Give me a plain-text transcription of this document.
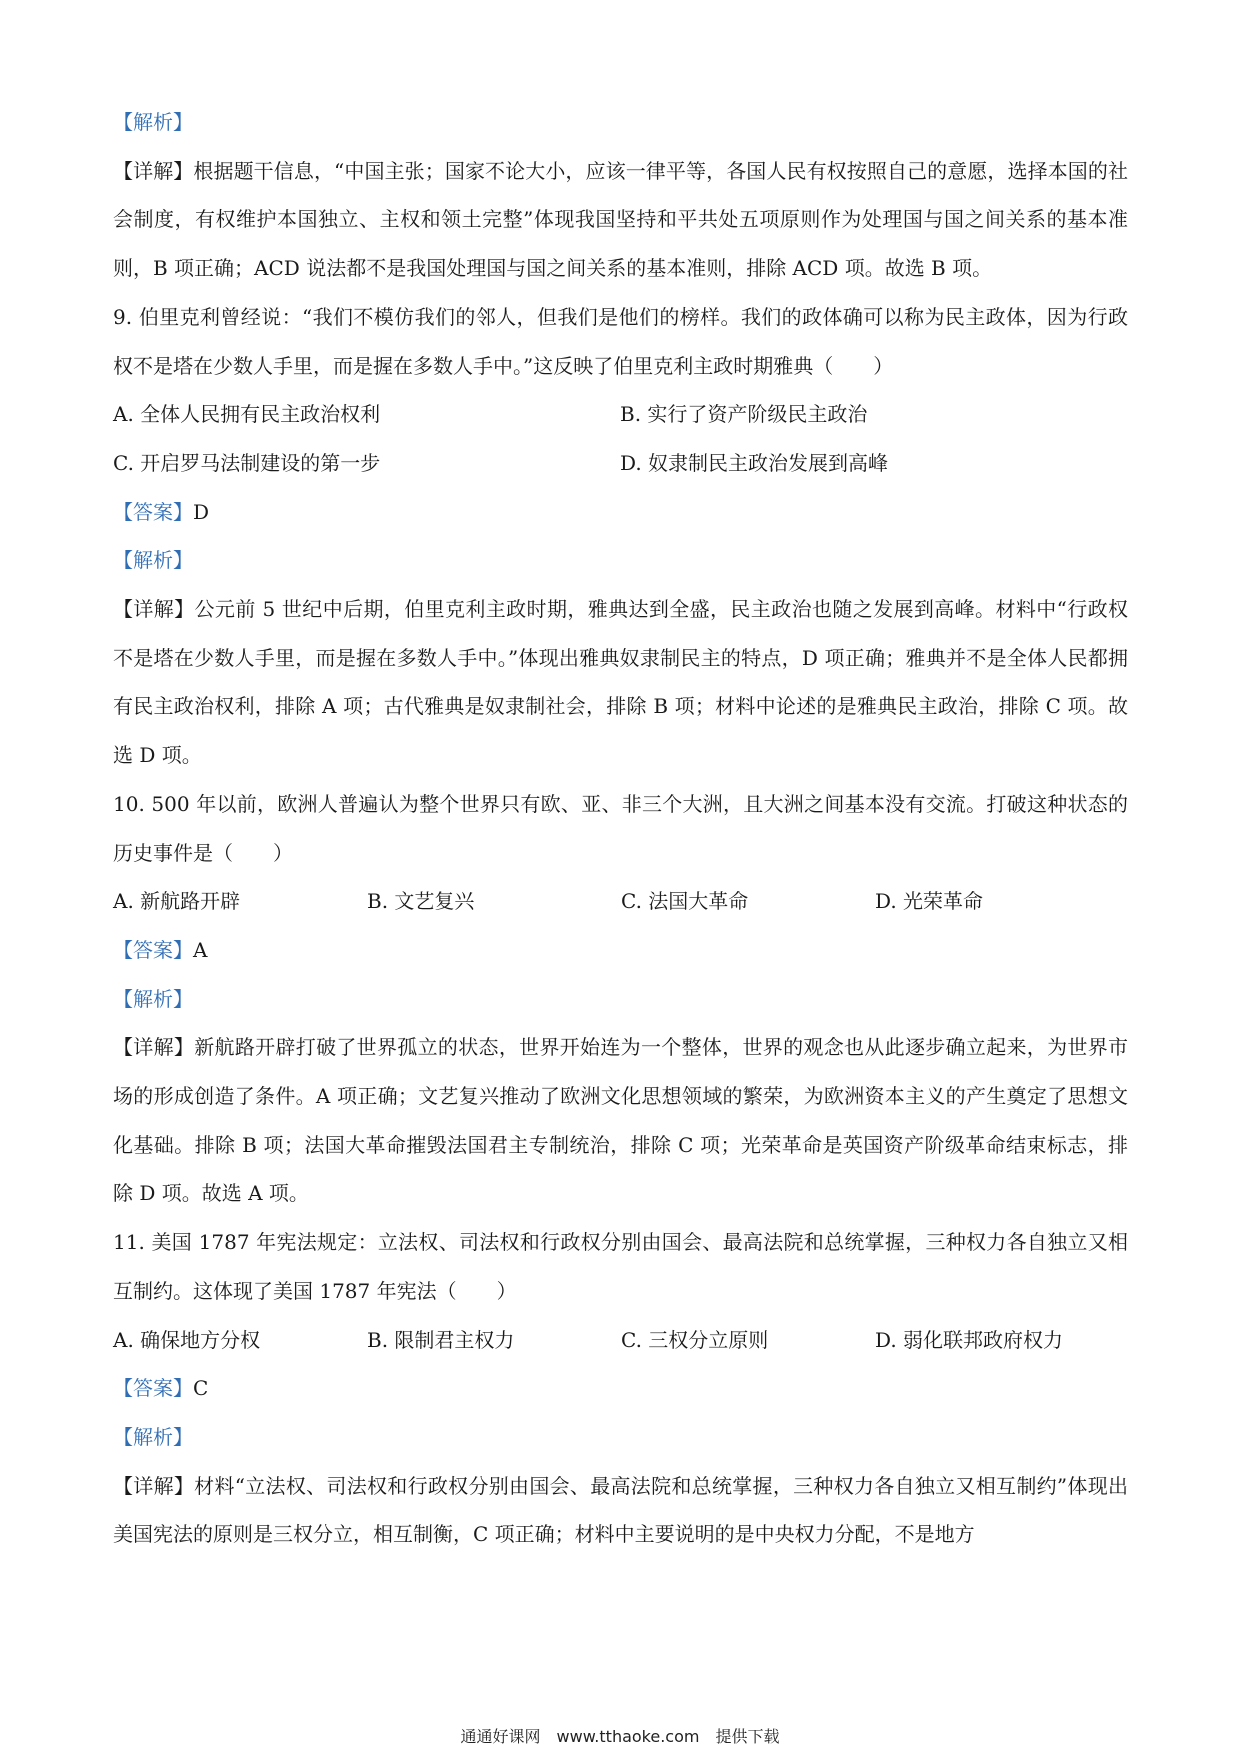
【解析】
【详解】根据题干信息，“中国主张；国家不论大小，应该一律平等，各国人民有权按照自己的意愿，选择本国的社会制度，有权维护本国独立、主权和领土完整”体现我国坚持和平共处五项原则作为处理国与国之间关系的基本准则，B 项正确；ACD 说法都不是我国处理国与国之间关系的基本准则，排除 ACD 项。故选 B 项。
9. 伯里克利曾经说：“我们不模仿我们的邻人，但我们是他们的榜样。我们的政体确可以称为民主政体，因为行政权不是塔在少数人手里，而是握在多数人手中。”这反映了伯里克利主政时期雅典（　　）
A. 全体人民拥有民主政治权利	B. 实行了资产阶级民主政治
C. 开启罗马法制建设的第一步	D. 奴隶制民主政治发展到高峰
【答案】D
【解析】
【详解】公元前 5 世纪中后期，伯里克利主政时期，雅典达到全盛，民主政治也随之发展到高峰。材料中“行政权不是塔在少数人手里，而是握在多数人手中。”体现出雅典奴隶制民主的特点，D 项正确；雅典并不是全体人民都拥有民主政治权利，排除 A 项；古代雅典是奴隶制社会，排除 B 项；材料中论述的是雅典民主政治，排除 C 项。故选 D 项。
10. 500 年以前，欧洲人普遍认为整个世界只有欧、亚、非三个大洲，且大洲之间基本没有交流。打破这种状态的历史事件是（　　）
A. 新航路开辟	B. 文艺复兴	C. 法国大革命	D. 光荣革命
【答案】A
【解析】
【详解】新航路开辟打破了世界孤立的状态，世界开始连为一个整体，世界的观念也从此逐步确立起来，为世界市场的形成创造了条件。A 项正确；文艺复兴推动了欧洲文化思想领域的繁荣，为欧洲资本主义的产生奠定了思想文化基础。排除 B 项；法国大革命摧毁法国君主专制统治，排除 C 项；光荣革命是英国资产阶级革命结束标志，排除 D 项。故选 A 项。
11. 美国 1787 年宪法规定：立法权、司法权和行政权分别由国会、最高法院和总统掌握，三种权力各自独立又相互制约。这体现了美国 1787 年宪法（　　）
A. 确保地方分权	B. 限制君主权力	C. 三权分立原则	D. 弱化联邦政府权力
【答案】C
【解析】
【详解】材料“立法权、司法权和行政权分别由国会、最高法院和总统掌握，三种权力各自独立又相互制约”体现出美国宪法的原则是三权分立，相互制衡，C 项正确；材料中主要说明的是中央权力分配，不是地方
通通好课网　www.tthaoke.com　提供下载
